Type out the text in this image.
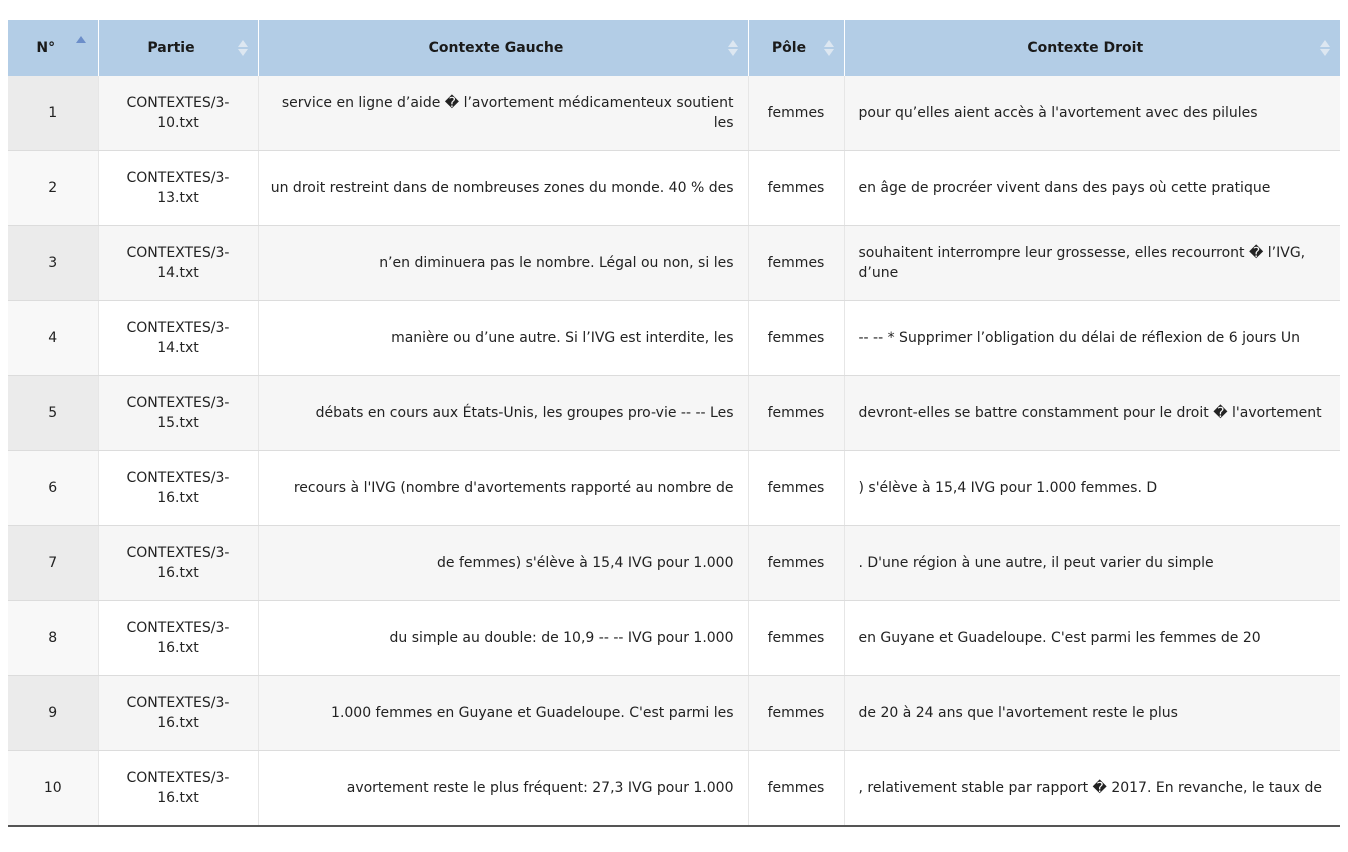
N°	Partie	Contexte Gauche	Pôle	Contexte Droit

1	CONTEXTES/3-10.txt	service en ligne d’aide � l’avortement médicamenteux soutient les	femmes	pour qu’elles aient accès à l'avortement avec des pilules
2	CONTEXTES/3-13.txt	un droit restreint dans de nombreuses zones du monde. 40 % des	femmes	en âge de procréer vivent dans des pays où cette pratique
3	CONTEXTES/3-14.txt	n’en diminuera pas le nombre. Légal ou non, si les	femmes	souhaitent interrompre leur grossesse, elles recourront � l’IVG, d’une
4	CONTEXTES/3-14.txt	manière ou d’une autre. Si l’IVG est interdite, les	femmes	-- -- * Supprimer l’obligation du délai de réflexion de 6 jours Un
5	CONTEXTES/3-15.txt	débats en cours aux États-Unis, les groupes pro-vie -- -- Les	femmes	devront-elles se battre constamment pour le droit � l'avortement
6	CONTEXTES/3-16.txt	recours à l'IVG (nombre d'avortements rapporté au nombre de	femmes	) s'élève à 15,4 IVG pour 1.000 femmes. D
7	CONTEXTES/3-16.txt	de femmes) s'élève à 15,4 IVG pour 1.000	femmes	. D'une région à une autre, il peut varier du simple
8	CONTEXTES/3-16.txt	du simple au double: de 10,9 -- -- IVG pour 1.000	femmes	en Guyane et Guadeloupe. C'est parmi les femmes de 20
9	CONTEXTES/3-16.txt	1.000 femmes en Guyane et Guadeloupe. C'est parmi les	femmes	de 20 à 24 ans que l'avortement reste le plus
10	CONTEXTES/3-16.txt	avortement reste le plus fréquent: 27,3 IVG pour 1.000	femmes	, relativement stable par rapport � 2017. En revanche, le taux de
